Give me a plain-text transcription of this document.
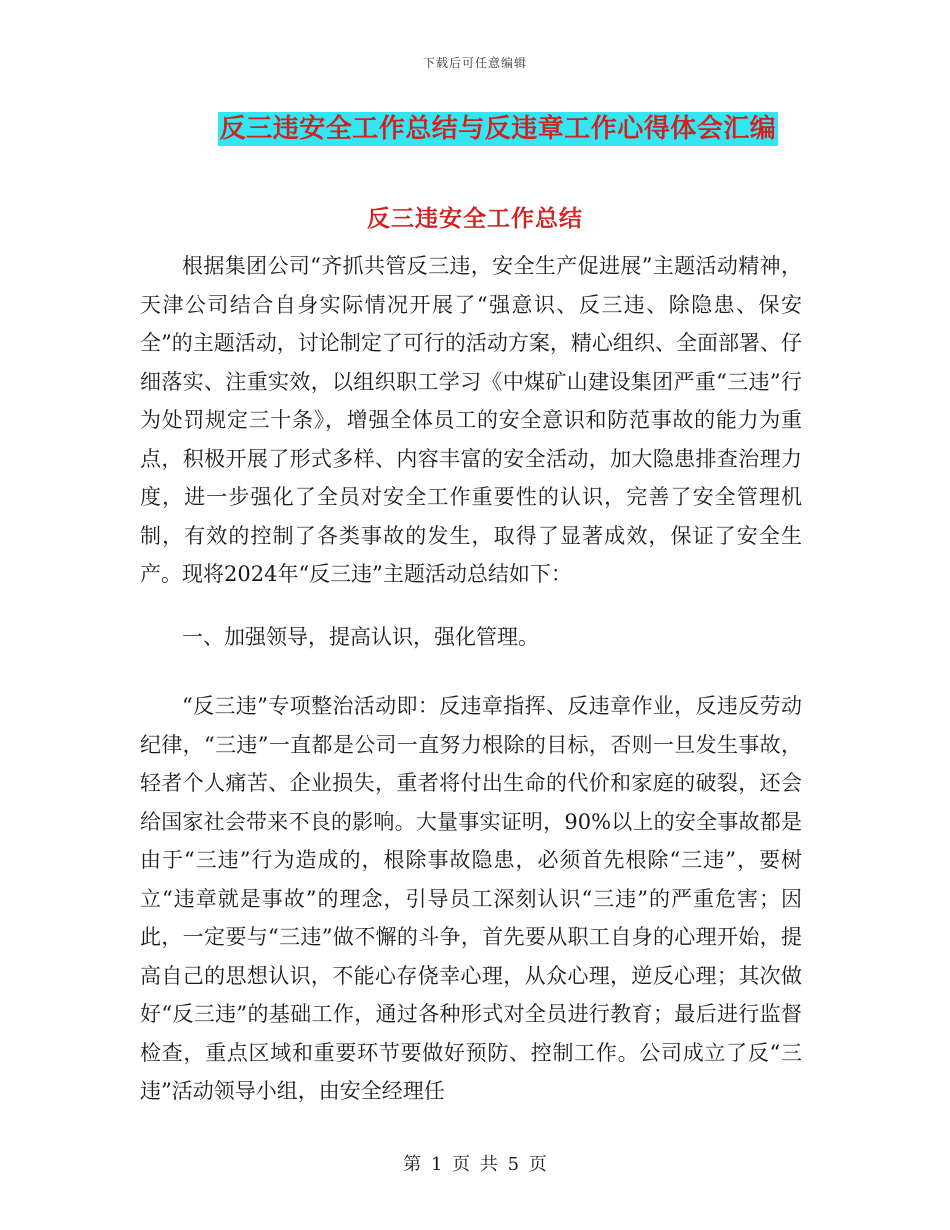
下载后可任意编辑
反三违安全工作总结与反违章工作心得体会汇编
反三违安全工作总结

根据集团公司“齐抓共管反三违，安全生产促进展”主题活动精神，天津公司结合自身实际情况开展了“强意识、反三违、除隐患、保安全”的主题活动，讨论制定了可行的活动方案，精心组织、全面部署、仔细落实、注重实效，以组织职工学习《中煤矿山建设集团严重“三违”行为处罚规定三十条》，增强全体员工的安全意识和防范事故的能力为重点，积极开展了形式多样、内容丰富的安全活动，加大隐患排查治理力度，进一步强化了全员对安全工作重要性的认识，完善了安全管理机制，有效的控制了各类事故的发生，取得了显著成效，保证了安全生产。现将2024年“反三违”主题活动总结如下：

一、加强领导，提高认识，强化管理。

“反三违”专项整治活动即：反违章指挥、反违章作业，反违反劳动纪律，“三违”一直都是公司一直努力根除的目标，否则一旦发生事故，轻者个人痛苦、企业损失，重者将付出生命的代价和家庭的破裂，还会给国家社会带来不良的影响。大量事实证明，90%以上的安全事故都是由于“三违”行为造成的，根除事故隐患，必须首先根除“三违”，要树立“违章就是事故”的理念，引导员工深刻认识“三违”的严重危害；因此，一定要与“三违”做不懈的斗争，首先要从职工自身的心理开始，提高自己的思想认识，不能心存侥幸心理，从众心理，逆反心理；其次做好“反三违”的基础工作，通过各种形式对全员进行教育；最后进行监督检查，重点区域和重要环节要做好预防、控制工作。公司成立了反“三违”活动领导小组，由安全经理任

第 1 页 共 5 页
